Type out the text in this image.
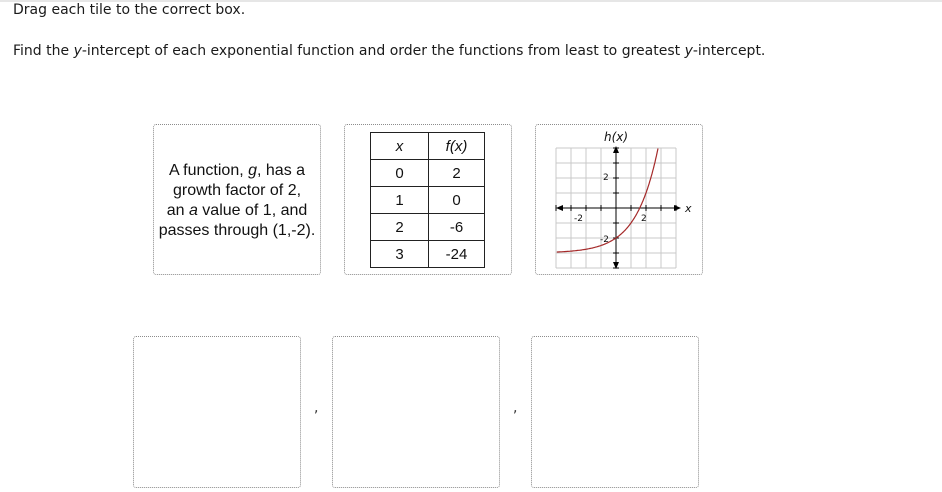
Drag each tile to the correct box.
Find the y-intercept of each exponential function and order the functions from least to greatest y-intercept.
A function, g, has a
growth factor of 2,
an a value of 1, and
passes through (1,-2).
x	f(x)
0	2
1	0
2	-6
3	-24
h(x)
x
-2	2
2
-2
,	,
